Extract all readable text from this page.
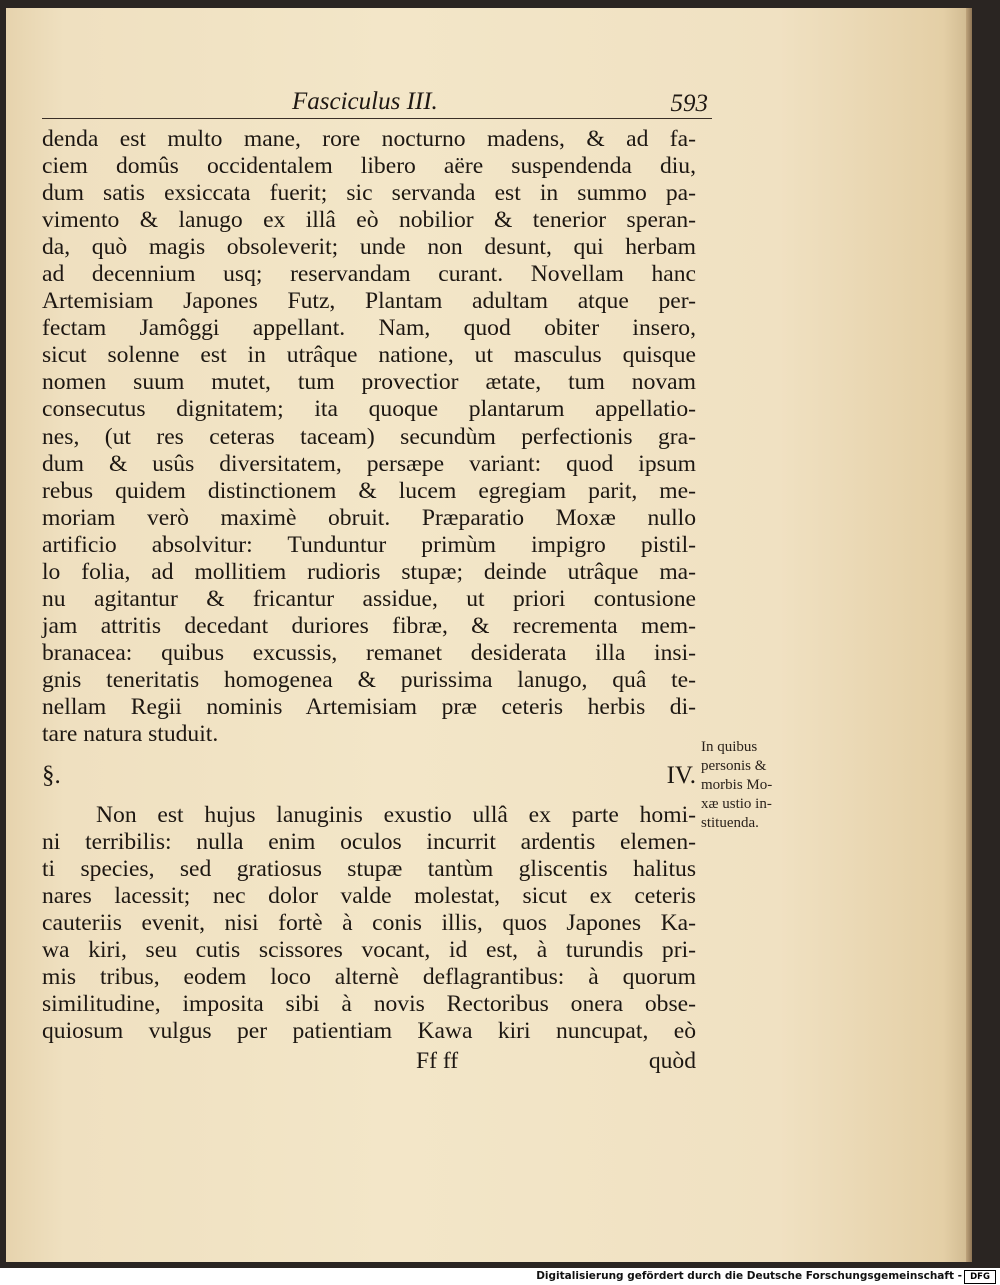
Fasciculus III.	593
denda est multo mane, rore nocturno madens, & ad fa-
ciem domûs occidentalem libero aëre suspendenda diu,
dum satis exsiccata fuerit; sic servanda est in summo pa-
vimento & lanugo ex illâ eò nobilior & tenerior speran-
da, quò magis obsoleverit; unde non desunt, qui herbam
ad decennium usq; reservandam curant. Novellam hanc
Artemisiam Japones Futz, Plantam adultam atque per-
fectam Jamôggi appellant. Nam, quod obiter insero,
sicut solenne est in utrâque natione, ut masculus quisque
nomen suum mutet, tum provectior ætate, tum novam
consecutus dignitatem; ita quoque plantarum appellatio-
nes, (ut res ceteras taceam) secundùm perfectionis gra-
dum & usûs diversitatem, persæpe variant: quod ipsum
rebus quidem distinctionem & lucem egregiam parit, me-
moriam verò maximè obruit. Præparatio Moxæ nullo
artificio absolvitur: Tunduntur primùm impigro pistil-
lo folia, ad mollitiem rudioris stupæ; deinde utrâque ma-
nu agitantur & fricantur assidue, ut priori contusione
jam attritis decedant duriores fibræ, & recrementa mem-
branacea: quibus excussis, remanet desiderata illa insi-
gnis teneritatis homogenea & purissima lanugo, quâ te-
nellam Regii nominis Artemisiam præ ceteris herbis di-
tare natura studuit.
§. IV.
Non est hujus lanuginis exustio ullâ ex parte homi-
ni terribilis: nulla enim oculos incurrit ardentis elemen-
ti species, sed gratiosus stupæ tantùm gliscentis halitus
nares lacessit; nec dolor valde molestat, sicut ex ceteris
cauteriis evenit, nisi fortè à conis illis, quos Japones Ka-
wa kiri, seu cutis scissores vocant, id est, à turundis pri-
mis tribus, eodem loco alternè deflagrantibus: à quorum
similitudine, imposita sibi à novis Rectoribus onera obse-
quiosum vulgus per patientiam Kawa kiri nuncupat, eò
Ff ff	quòd
In quibus
personis &
morbis Mo-
xæ ustio in-
stituenda.
Digitalisierung gefördert durch die Deutsche Forschungsgemeinschaft - DFG
